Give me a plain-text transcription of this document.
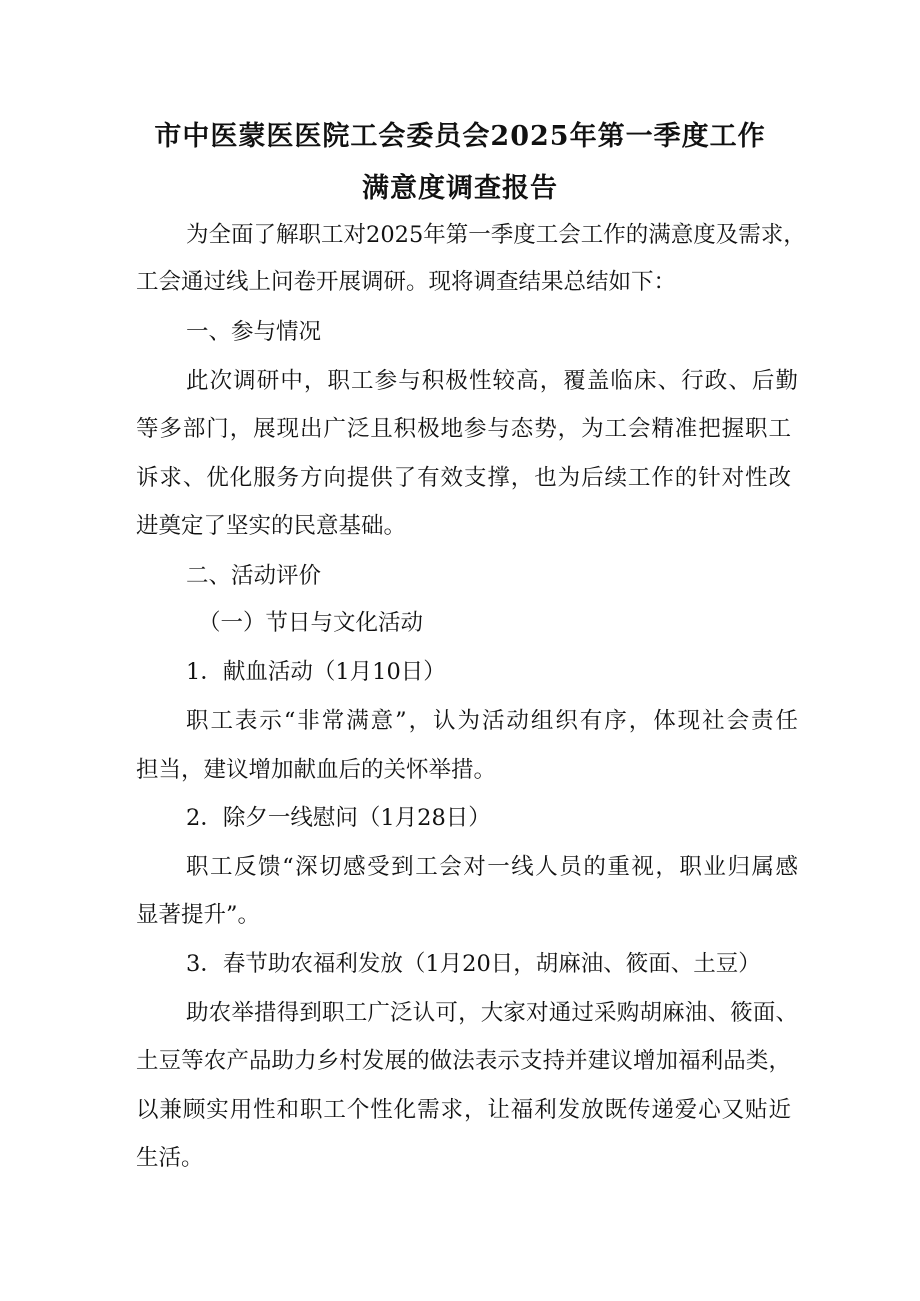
市中医蒙医医院工会委员会2025年第一季度工作
满意度调查报告
为全面了解职工对2025年第一季度工会工作的满意度及需求，
工会通过线上问卷开展调研。现将调查结果总结如下：
一、参与情况
此次调研中，职工参与积极性较高，覆盖临床、行政、后勤
等多部门，展现出广泛且积极地参与态势，为工会精准把握职工
诉求、优化服务方向提供了有效支撑，也为后续工作的针对性改
进奠定了坚实的民意基础。
二、活动评价
（一）节日与文化活动
1．献血活动（1月10日）
职工表示“非常满意”，认为活动组织有序，体现社会责任
担当，建议增加献血后的关怀举措。
2．除夕一线慰问（1月28日）
职工反馈“深切感受到工会对一线人员的重视，职业归属感
显著提升”。
3．春节助农福利发放（1月20日，胡麻油、筱面、土豆）
助农举措得到职工广泛认可，大家对通过采购胡麻油、筱面、
土豆等农产品助力乡村发展的做法表示支持并建议增加福利品类，
以兼顾实用性和职工个性化需求，让福利发放既传递爱心又贴近
生活。
